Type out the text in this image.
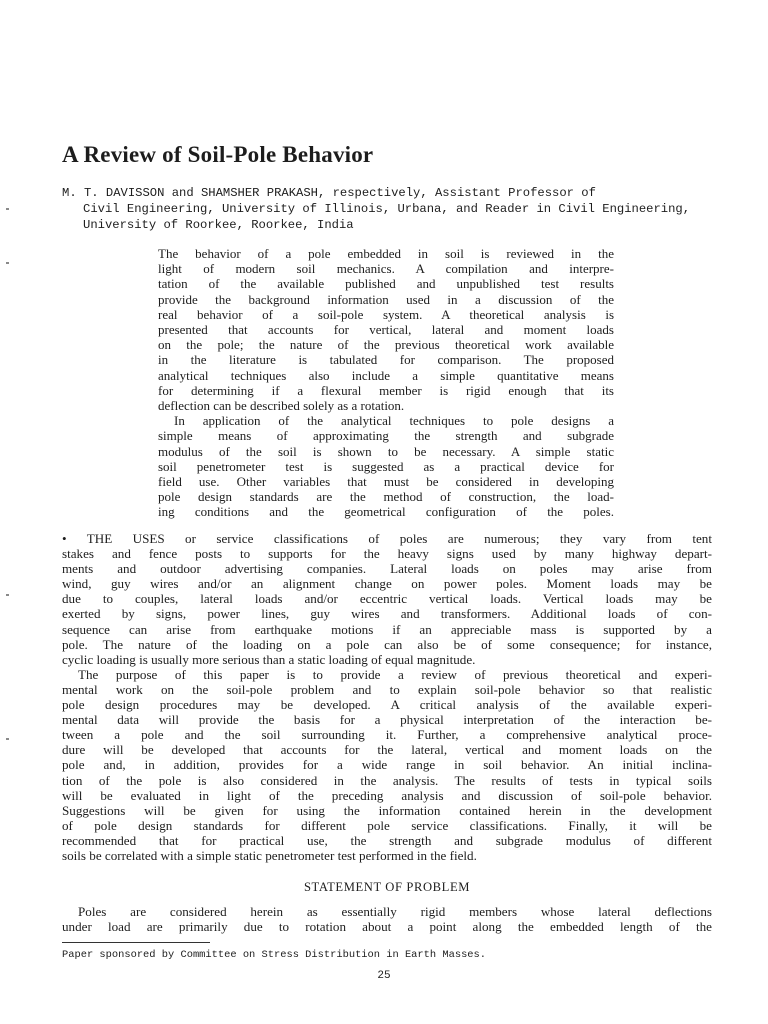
A Review of Soil-Pole Behavior
M. T. DAVISSON and SHAMSHER PRAKASH, respectively, Assistant Professor of
Civil Engineering, University of Illinois, Urbana, and Reader in Civil Engineering,
University of Roorkee, Roorkee, India
The behavior of a pole embedded in soil is reviewed in the
light of modern soil mechanics. A compilation and interpre-
tation of the available published and unpublished test results
provide the background information used in a discussion of the
real behavior of a soil-pole system. A theoretical analysis is
presented that accounts for vertical, lateral and moment loads
on the pole; the nature of the previous theoretical work available
in the literature is tabulated for comparison. The proposed
analytical techniques also include a simple quantitative means
for determining if a flexural member is rigid enough that its
deflection can be described solely as a rotation.
In application of the analytical techniques to pole designs a
simple means of approximating the strength and subgrade
modulus of the soil is shown to be necessary. A simple static
soil penetrometer test is suggested as a practical device for
field use. Other variables that must be considered in developing
pole design standards are the method of construction, the load-
ing conditions and the geometrical configuration of the poles.
• THE USES or service classifications of poles are numerous; they vary from tent
stakes and fence posts to supports for the heavy signs used by many highway depart-
ments and outdoor advertising companies. Lateral loads on poles may arise from
wind, guy wires and/or an alignment change on power poles. Moment loads may be
due to couples, lateral loads and/or eccentric vertical loads. Vertical loads may be
exerted by signs, power lines, guy wires and transformers. Additional loads of con-
sequence can arise from earthquake motions if an appreciable mass is supported by a
pole. The nature of the loading on a pole can also be of some consequence; for instance,
cyclic loading is usually more serious than a static loading of equal magnitude.
The purpose of this paper is to provide a review of previous theoretical and experi-
mental work on the soil-pole problem and to explain soil-pole behavior so that realistic
pole design procedures may be developed. A critical analysis of the available experi-
mental data will provide the basis for a physical interpretation of the interaction be-
tween a pole and the soil surrounding it. Further, a comprehensive analytical proce-
dure will be developed that accounts for the lateral, vertical and moment loads on the
pole and, in addition, provides for a wide range in soil behavior. An initial inclina-
tion of the pole is also considered in the analysis. The results of tests in typical soils
will be evaluated in light of the preceding analysis and discussion of soil-pole behavior.
Suggestions will be given for using the information contained herein in the development
of pole design standards for different pole service classifications. Finally, it will be
recommended that for practical use, the strength and subgrade modulus of different
soils be correlated with a simple static penetrometer test performed in the field.
STATEMENT OF PROBLEM
Poles are considered herein as essentially rigid members whose lateral deflections
under load are primarily due to rotation about a point along the embedded length of the
Paper sponsored by Committee on Stress Distribution in Earth Masses.
25
